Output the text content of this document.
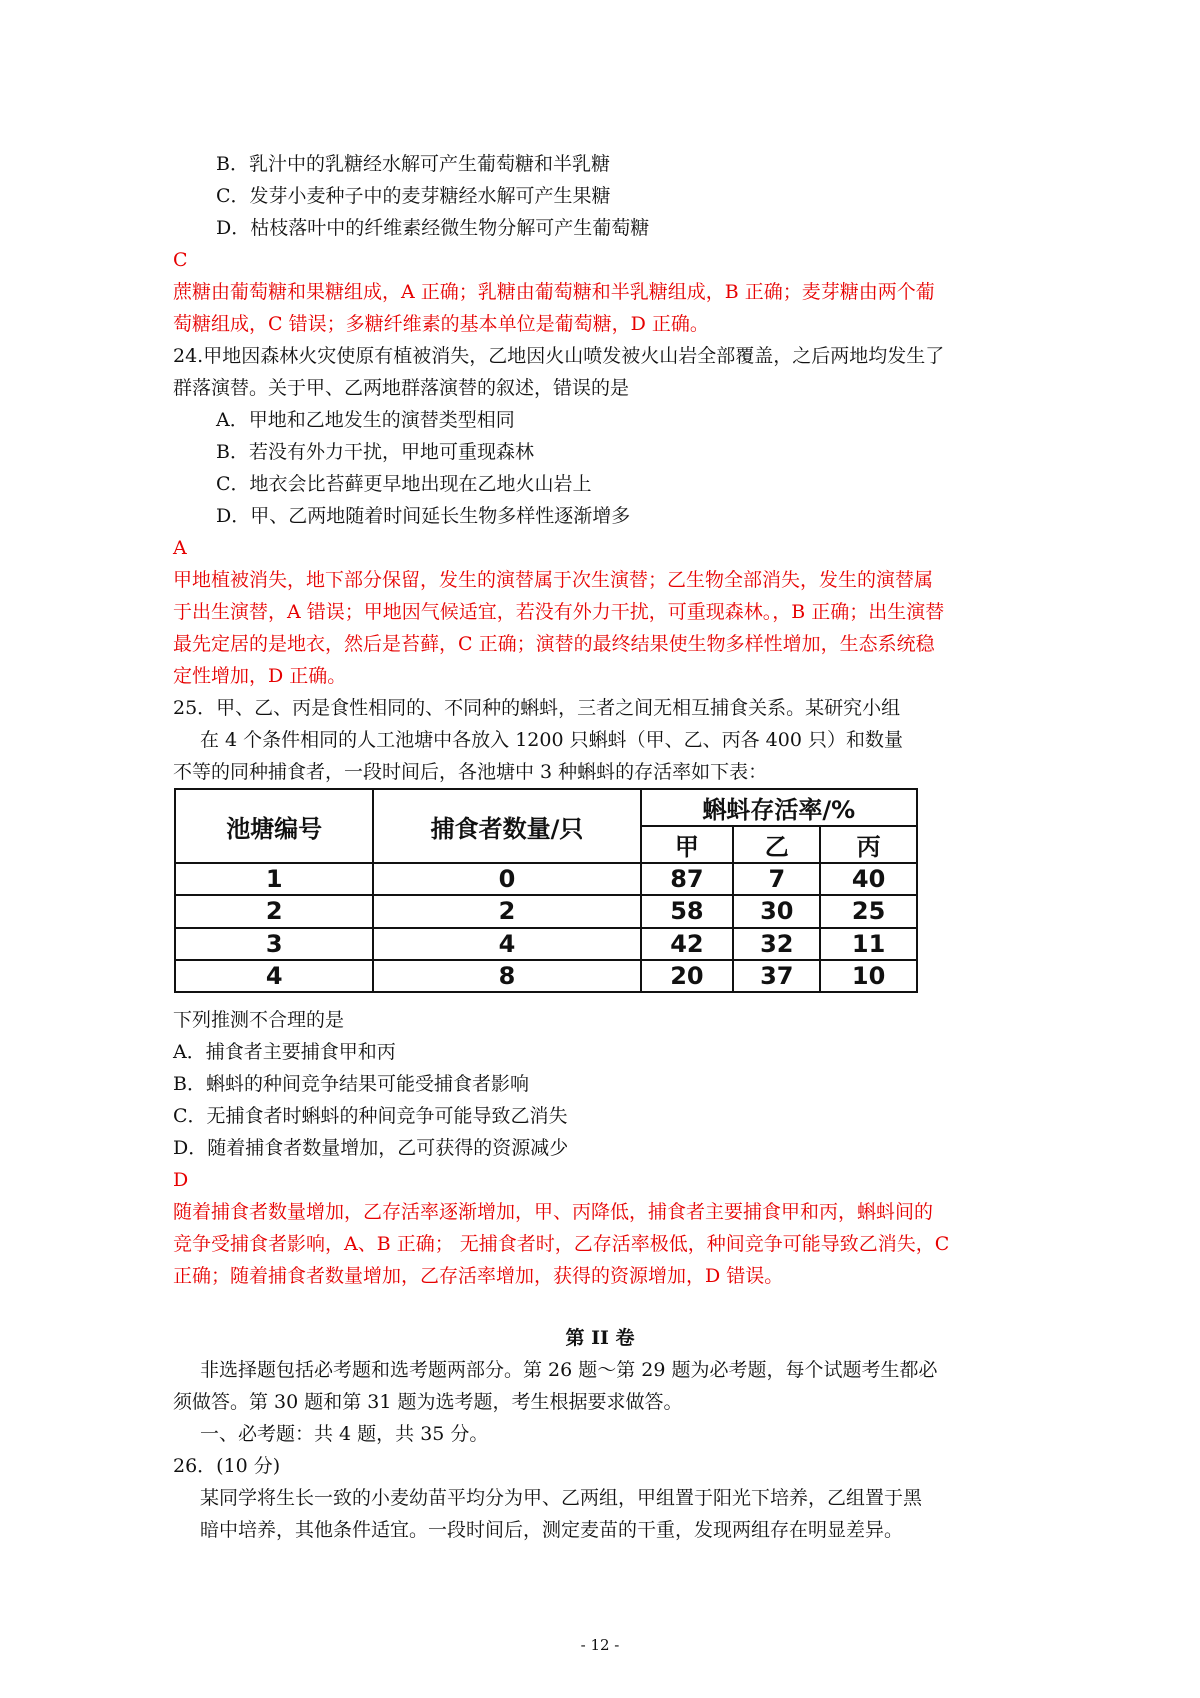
B．乳汁中的乳糖经水解可产生葡萄糖和半乳糖
C．发芽小麦种子中的麦芽糖经水解可产生果糖
D．枯枝落叶中的纤维素经微生物分解可产生葡萄糖
C
蔗糖由葡萄糖和果糖组成，A 正确；乳糖由葡萄糖和半乳糖组成，B 正确；麦芽糖由两个葡
萄糖组成，C 错误；多糖纤维素的基本单位是葡萄糖，D 正确。
24.甲地因森林火灾使原有植被消失，乙地因火山喷发被火山岩全部覆盖，之后两地均发生了
群落演替。关于甲、乙两地群落演替的叙述，错误的是
A．甲地和乙地发生的演替类型相同
B．若没有外力干扰，甲地可重现森林
C．地衣会比苔藓更早地出现在乙地火山岩上
D．甲、乙两地随着时间延长生物多样性逐渐增多
A
甲地植被消失，地下部分保留，发生的演替属于次生演替；乙生物全部消失，发生的演替属
于出生演替，A 错误；甲地因气候适宜，若没有外力干扰，可重现森林。，B 正确；出生演替
最先定居的是地衣，然后是苔藓，C 正确；演替的最终结果使生物多样性增加，生态系统稳
定性增加，D 正确。
25．甲、乙、丙是食性相同的、不同种的蝌蚪，三者之间无相互捕食关系。某研究小组
在 4 个条件相同的人工池塘中各放入 1200 只蝌蚪（甲、乙、丙各 400 只）和数量
不等的同种捕食者，一段时间后，各池塘中 3 种蝌蚪的存活率如下表：
下列推测不合理的是
A．捕食者主要捕食甲和丙
B．蝌蚪的种间竞争结果可能受捕食者影响
C．无捕食者时蝌蚪的种间竞争可能导致乙消失
D．随着捕食者数量增加，乙可获得的资源减少
D
随着捕食者数量增加，乙存活率逐渐增加，甲、丙降低，捕食者主要捕食甲和丙，蝌蚪间的
竞争受捕食者影响，A、B 正确； 无捕食者时，乙存活率极低，种间竞争可能导致乙消失，C
正确；随着捕食者数量增加，乙存活率增加，获得的资源增加，D 错误。
第 II 卷
非选择题包括必考题和选考题两部分。第 26 题～第 29 题为必考题，每个试题考生都必
须做答。第 30 题和第 31 题为选考题，考生根据要求做答。
一、必考题：共 4 题，共 35 分。
26．(10 分)
某同学将生长一致的小麦幼苗平均分为甲、乙两组，甲组置于阳光下培养，乙组置于黑
暗中培养，其他条件适宜。一段时间后，测定麦苗的干重，发现两组存在明显差异。
池塘编号	捕食者数量/只	蝌蚪存活率/%		
		甲	乙	丙
1	0	87	7	40
2	2	58	30	25
3	4	42	32	11
4	8	20	37	10
- 12 -
